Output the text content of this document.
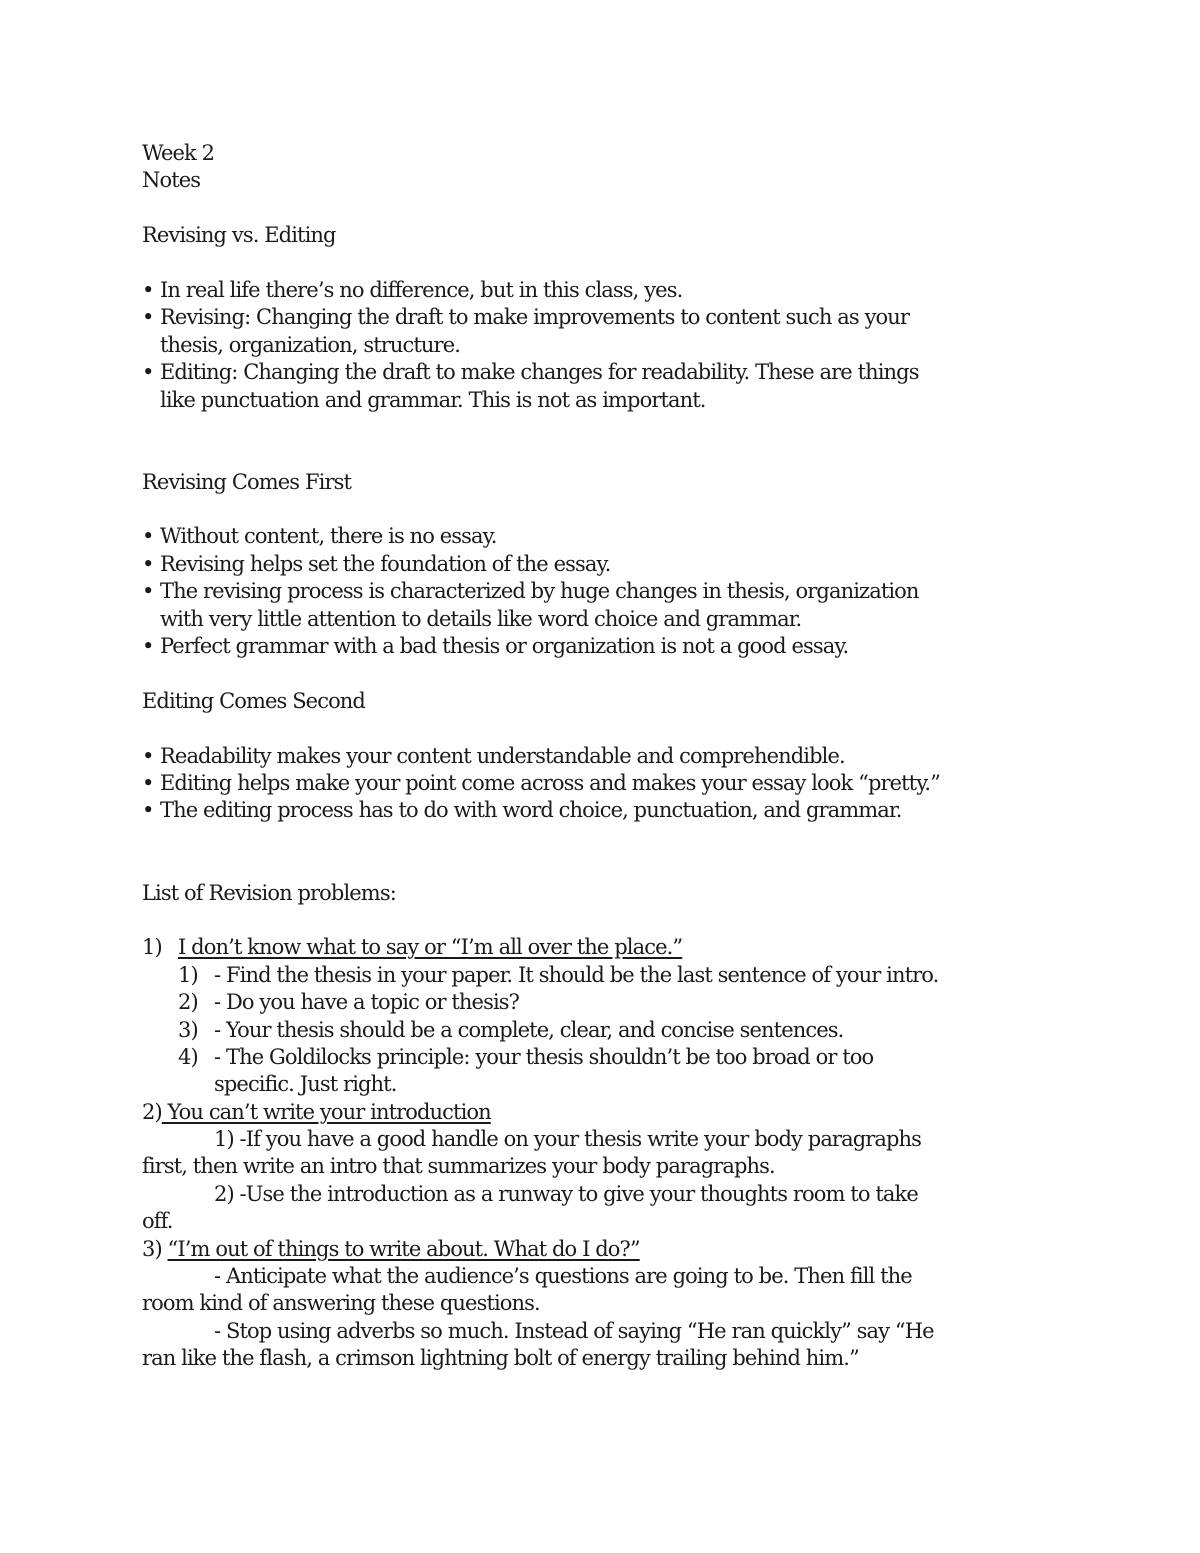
Week 2
Notes
Revising vs. Editing
• In real life there’s no difference, but in this class, yes.
• Revising: Changing the draft to make improvements to content such as your
thesis, organization, structure.
• Editing: Changing the draft to make changes for readability. These are things
like punctuation and grammar. This is not as important.
Revising Comes First
• Without content, there is no essay.
• Revising helps set the foundation of the essay.
• The revising process is characterized by huge changes in thesis, organization
with very little attention to details like word choice and grammar.
• Perfect grammar with a bad thesis or organization is not a good essay.
Editing Comes Second
• Readability makes your content understandable and comprehendible.
• Editing helps make your point come across and makes your essay look “pretty.”
• The editing process has to do with word choice, punctuation, and grammar.
List of Revision problems:
1) I don’t know what to say or “I’m all over the place.”
1) - Find the thesis in your paper. It should be the last sentence of your intro.
2) - Do you have a topic or thesis?
3) - Your thesis should be a complete, clear, and concise sentences.
4) - The Goldilocks principle: your thesis shouldn’t be too broad or too
specific. Just right.
2) You can’t write your introduction
1) -If you have a good handle on your thesis write your body paragraphs
first, then write an intro that summarizes your body paragraphs.
2) -Use the introduction as a runway to give your thoughts room to take
off.
3) “I’m out of things to write about. What do I do?”
- Anticipate what the audience’s questions are going to be. Then fill the
room kind of answering these questions.
- Stop using adverbs so much. Instead of saying “He ran quickly” say “He
ran like the flash, a crimson lightning bolt of energy trailing behind him.”
